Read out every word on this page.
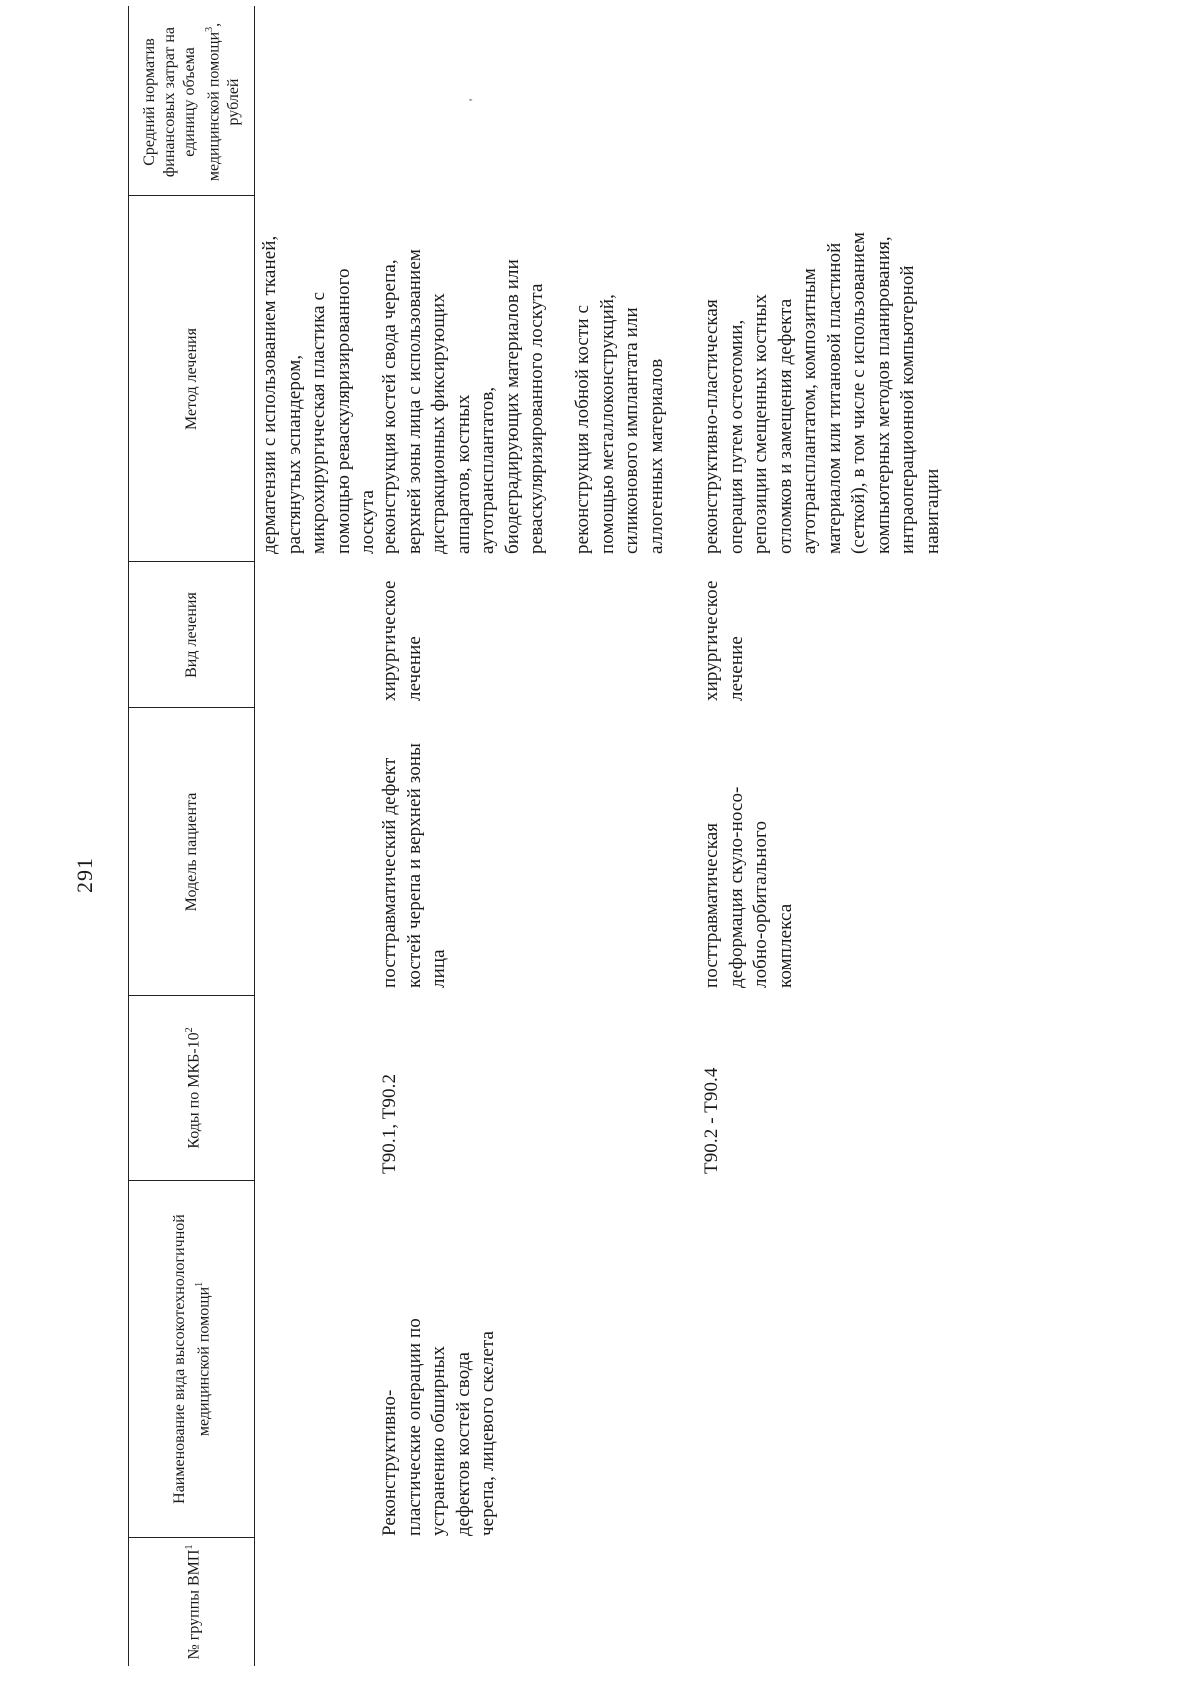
291
№ группы ВМП$^1$
Наименование вида высокотехнологичной медицинской помощи$^1$
Коды по МКБ-$10^2$
Модель пациента
Вид лечения
Метод лечения
Средний норматив финансовых затрат на единицу объема медицинской помощи$^3$, рублей
дерматензии с использованием тканей,
растянутых эспандером,
микрохирургическая пластика с
помощью реваскуляризированного
лоскута
Реконструктивно-
пластические операции по
устранению обширных
дефектов костей свода
черепа, лицевого скелета
T90.1, T90.2
посттравматический дефект
костей черепа и верхней зоны
лица
хирургическое
лечение
реконструкция костей свода черепа,
верхней зоны лица с использованием
дистракционных фиксирующих
аппаратов, костных
аутотрансплантатов,
биодеградирующих материалов или
реваскуляризированного лоскута
реконструкция лобной кости с
помощью металлоконструкций,
силиконового имплантата или
аллогенных материалов
T90.2 - T90.4
посттравматическая
деформация скуло-носо-
лобно-орбитального
комплекса
хирургическое
лечение
реконструктивно-пластическая
операция путем остеотомии,
репозиции смещенных костных
отломков и замещения дефекта
аутотрансплантатом, композитным
материалом или титановой пластиной
(сеткой), в том числе с использованием
компьютерных методов планирования,
интраоперационной компьютерной
навигации
'
